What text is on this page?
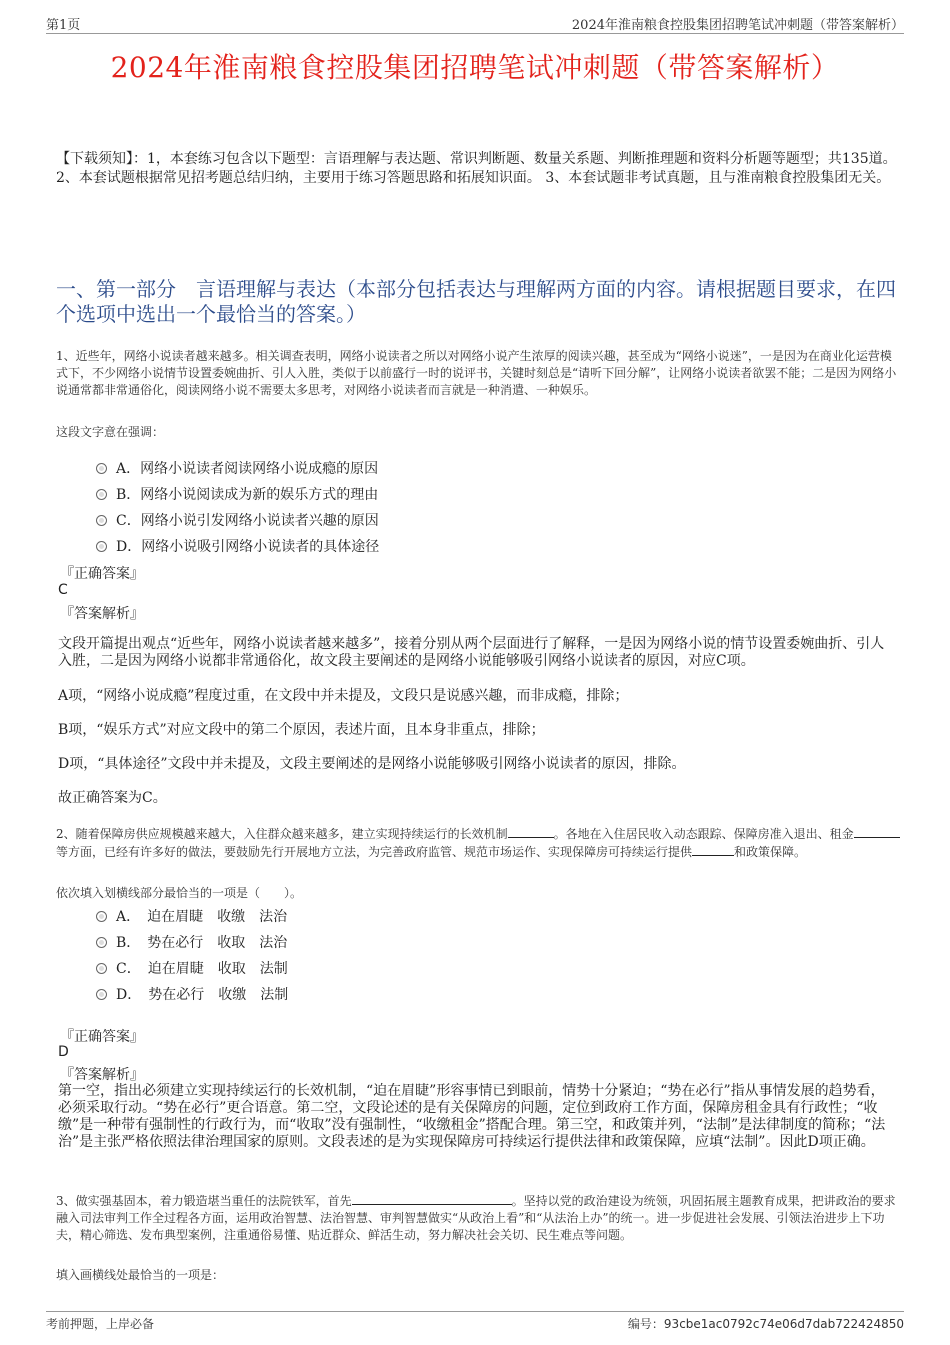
第1页	2024年淮南粮食控股集团招聘笔试冲刺题（带答案解析）
2024年淮南粮食控股集团招聘笔试冲刺题（带答案解析）
【下载须知】：1，本套练习包含以下题型：言语理解与表达题、常识判断题、数量关系题、判断推理题和资料分析题等题型；共135道。 2、本套试题根据常见招考题总结归纳，主要用于练习答题思路和拓展知识面。 3、本套试题非考试真题，且与淮南粮食控股集团无关。
一、第一部分　言语理解与表达（本部分包括表达与理解两方面的内容。请根据题目要求，在四个选项中选出一个最恰当的答案。）
1、近些年，网络小说读者越来越多。相关调查表明，网络小说读者之所以对网络小说产生浓厚的阅读兴趣，甚至成为“网络小说迷”，一是因为在商业化运营模式下，不少网络小说情节设置委婉曲折、引人入胜，类似于以前盛行一时的说评书，关键时刻总是“请听下回分解”，让网络小说读者欲罢不能；二是因为网络小说通常都非常通俗化，阅读网络小说不需要太多思考，对网络小说读者而言就是一种消遣、一种娱乐。
这段文字意在强调：
A．网络小说读者阅读网络小说成瘾的原因
B．网络小说阅读成为新的娱乐方式的理由
C．网络小说引发网络小说读者兴趣的原因
D．网络小说吸引网络小说读者的具体途径
『正确答案』
C
『答案解析』
文段开篇提出观点“近些年，网络小说读者越来越多”，接着分别从两个层面进行了解释，一是因为网络小说的情节设置委婉曲折、引人入胜，二是因为网络小说都非常通俗化，故文段主要阐述的是网络小说能够吸引网络小说读者的原因，对应C项。
A项，“网络小说成瘾”程度过重，在文段中并未提及，文段只是说感兴趣，而非成瘾，排除；
B项，“娱乐方式”对应文段中的第二个原因，表述片面，且本身非重点，排除；
D项，“具体途径”文段中并未提及，文段主要阐述的是网络小说能够吸引网络小说读者的原因，排除。
故正确答案为C。
2、随着保障房供应规模越来越大，入住群众越来越多，建立实现持续运行的长效机制	。各地在入住居民收入动态跟踪、保障房准入退出、租金等方面，已经有许多好的做法，要鼓励先行开展地方立法，为完善政府监管、规范市场运作、实现保障房可持续运行提供	和政策保障。
依次填入划横线部分最恰当的一项是（　　）。
A．　迫在眉睫　收缴　法治
B．　势在必行　收取　法治
C．　迫在眉睫　收取　法制
D．　势在必行　收缴　法制
『正确答案』
D
『答案解析』
第一空，指出必须建立实现持续运行的长效机制，“迫在眉睫”形容事情已到眼前，情势十分紧迫；“势在必行”指从事情发展的趋势看，必须采取行动。“势在必行”更合语意。第二空，文段论述的是有关保障房的问题，定位到政府工作方面，保障房租金具有行政性；“收缴”是一种带有强制性的行政行为，而“收取”没有强制性，“收缴租金”搭配合理。第三空，和政策并列，“法制”是法律制度的简称；“法治”是主张严格依照法律治理国家的原则。文段表述的是为实现保障房可持续运行提供法律和政策保障，应填“法制”。因此D项正确。
3、做实强基固本，着力锻造堪当重任的法院铁军，首先	。坚持以党的政治建设为统领，巩固拓展主题教育成果，把讲政治的要求融入司法审判工作全过程各方面，运用政治智慧、法治智慧、审判智慧做实“从政治上看”和“从法治上办”的统一。进一步促进社会发展、引领法治进步上下功夫，精心筛选、发布典型案例，注重通俗易懂、贴近群众、鲜活生动，努力解决社会关切、民生难点等问题。
填入画横线处最恰当的一项是：
考前押题，上岸必备	编号：93cbe1ac0792c74e06d7dab722424850
